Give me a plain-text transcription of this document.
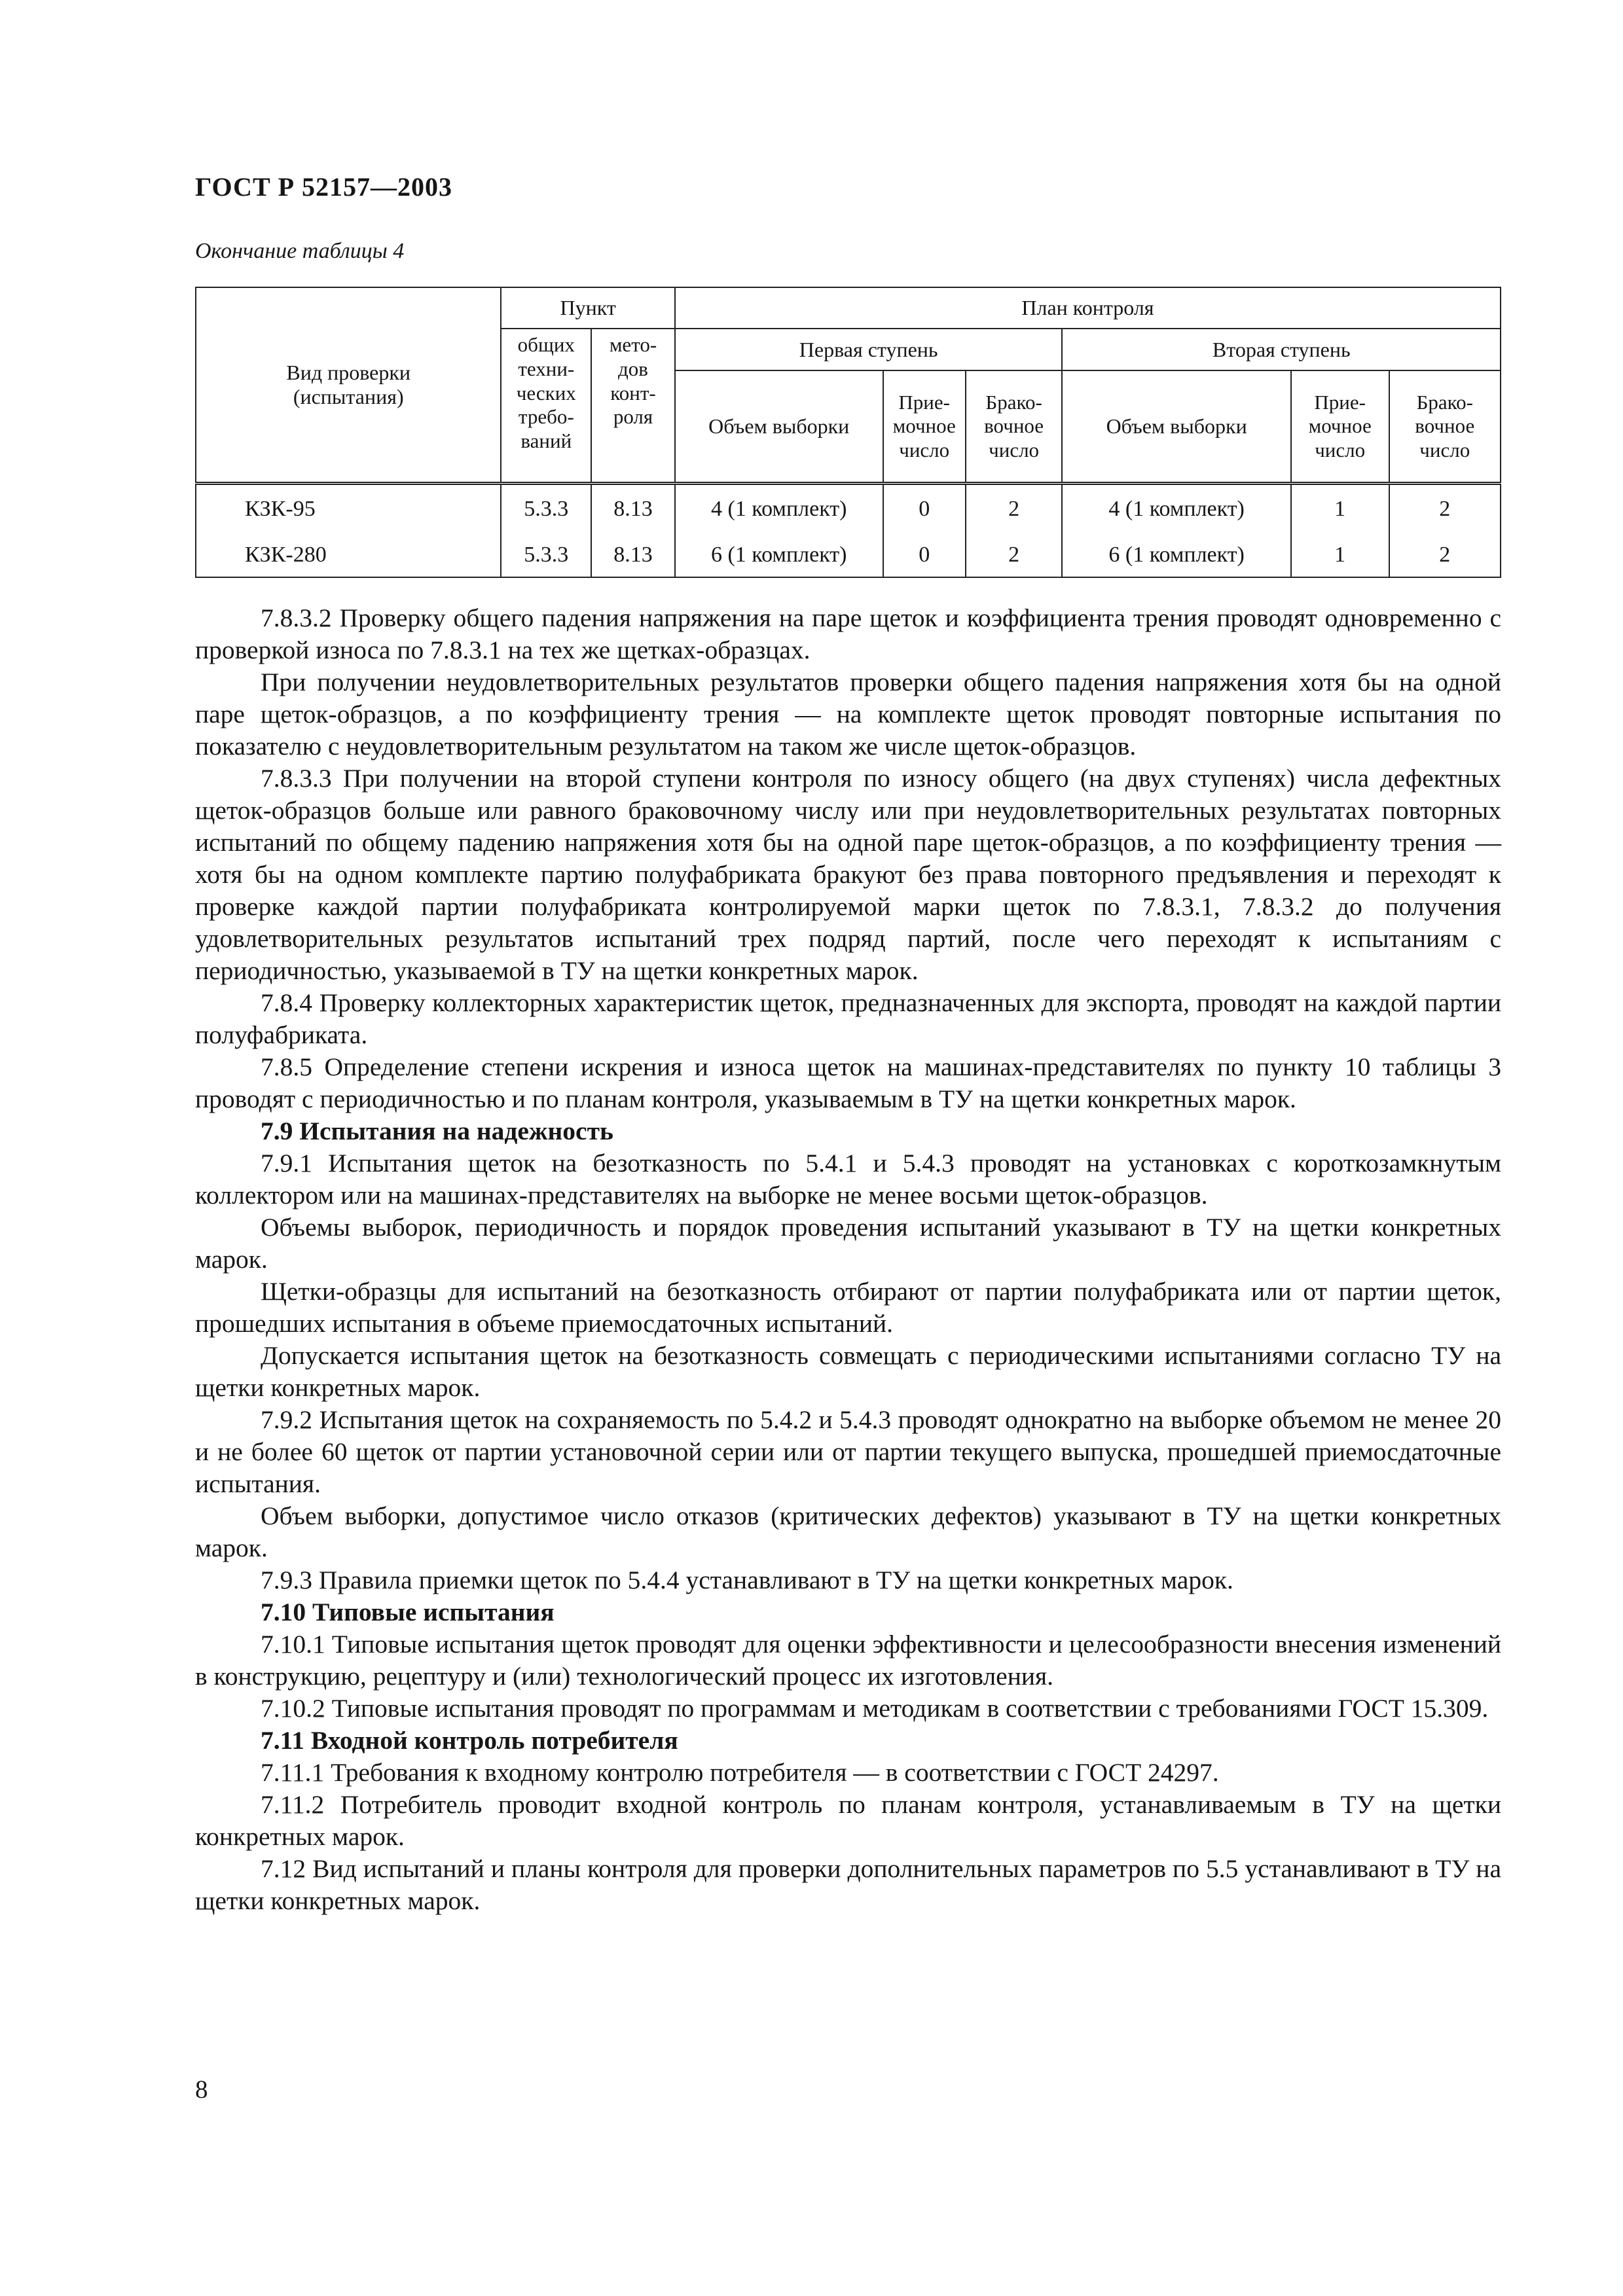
ГОСТ Р 52157—2003
Окончание таблицы 4
Вид проверки (испытания)	Пункт		План контроля					
	общих техни-ческих требо-ваний	мето-дов конт-роля	Первая ступень			Вторая ступень		
			Объем выборки	Прие-мочное число	Брако-вочное число	Объем выборки	Прие-мочное число	Брако-вочное число
КЗК-95	5.3.3	8.13	4 (1 комплект)	0	2	4 (1 комплект)	1	2
КЗК-280	5.3.3	8.13	6 (1 комплект)	0	2	6 (1 комплект)	1	2

7.8.3.2 Проверку общего падения напряжения на паре щеток и коэффициента трения проводят одновременно с проверкой износа по 7.8.3.1 на тех же щетках-образцах.

При получении неудовлетворительных результатов проверки общего падения напряжения хотя бы на одной паре щеток-образцов, а по коэффициенту трения — на комплекте щеток проводят повторные испытания по показателю с неудовлетворительным результатом на таком же числе щеток-образцов.

7.8.3.3 При получении на второй ступени контроля по износу общего (на двух ступенях) числа дефектных щеток-образцов больше или равного браковочному числу или при неудовлетворительных результатах повторных испытаний по общему падению напряжения хотя бы на одной паре щеток-образцов, а по коэффициенту трения — хотя бы на одном комплекте партию полуфабриката бракуют без права повторного предъявления и переходят к проверке каждой партии полуфабриката контролируемой марки щеток по 7.8.3.1, 7.8.3.2 до получения удовлетворительных результатов испытаний трех подряд партий, после чего переходят к испытаниям с периодичностью, указываемой в ТУ на щетки конкретных марок.

7.8.4 Проверку коллекторных характеристик щеток, предназначенных для экспорта, проводят на каждой партии полуфабриката.

7.8.5 Определение степени искрения и износа щеток на машинах-представителях по пункту 10 таблицы 3 проводят с периодичностью и по планам контроля, указываемым в ТУ на щетки конкретных марок.

7.9 Испытания на надежность

7.9.1 Испытания щеток на безотказность по 5.4.1 и 5.4.3 проводят на установках с короткозамкнутым коллектором или на машинах-представителях на выборке не менее восьми щеток-образцов.

Объемы выборок, периодичность и порядок проведения испытаний указывают в ТУ на щетки конкретных марок.

Щетки-образцы для испытаний на безотказность отбирают от партии полуфабриката или от партии щеток, прошедших испытания в объеме приемосдаточных испытаний.

Допускается испытания щеток на безотказность совмещать с периодическими испытаниями согласно ТУ на щетки конкретных марок.

7.9.2 Испытания щеток на сохраняемость по 5.4.2 и 5.4.3 проводят однократно на выборке объемом не менее 20 и не более 60 щеток от партии установочной серии или от партии текущего выпуска, прошедшей приемосдаточные испытания.

Объем выборки, допустимое число отказов (критических дефектов) указывают в ТУ на щетки конкретных марок.

7.9.3 Правила приемки щеток по 5.4.4 устанавливают в ТУ на щетки конкретных марок.

7.10 Типовые испытания

7.10.1 Типовые испытания щеток проводят для оценки эффективности и целесообразности внесения изменений в конструкцию, рецептуру и (или) технологический процесс их изготовления.

7.10.2 Типовые испытания проводят по программам и методикам в соответствии с требованиями ГОСТ 15.309.

7.11 Входной контроль потребителя

7.11.1 Требования к входному контролю потребителя — в соответствии с ГОСТ 24297.

7.11.2 Потребитель проводит входной контроль по планам контроля, устанавливаемым в ТУ на щетки конкретных марок.

7.12 Вид испытаний и планы контроля для проверки дополнительных параметров по 5.5 устанавливают в ТУ на щетки конкретных марок.

8
